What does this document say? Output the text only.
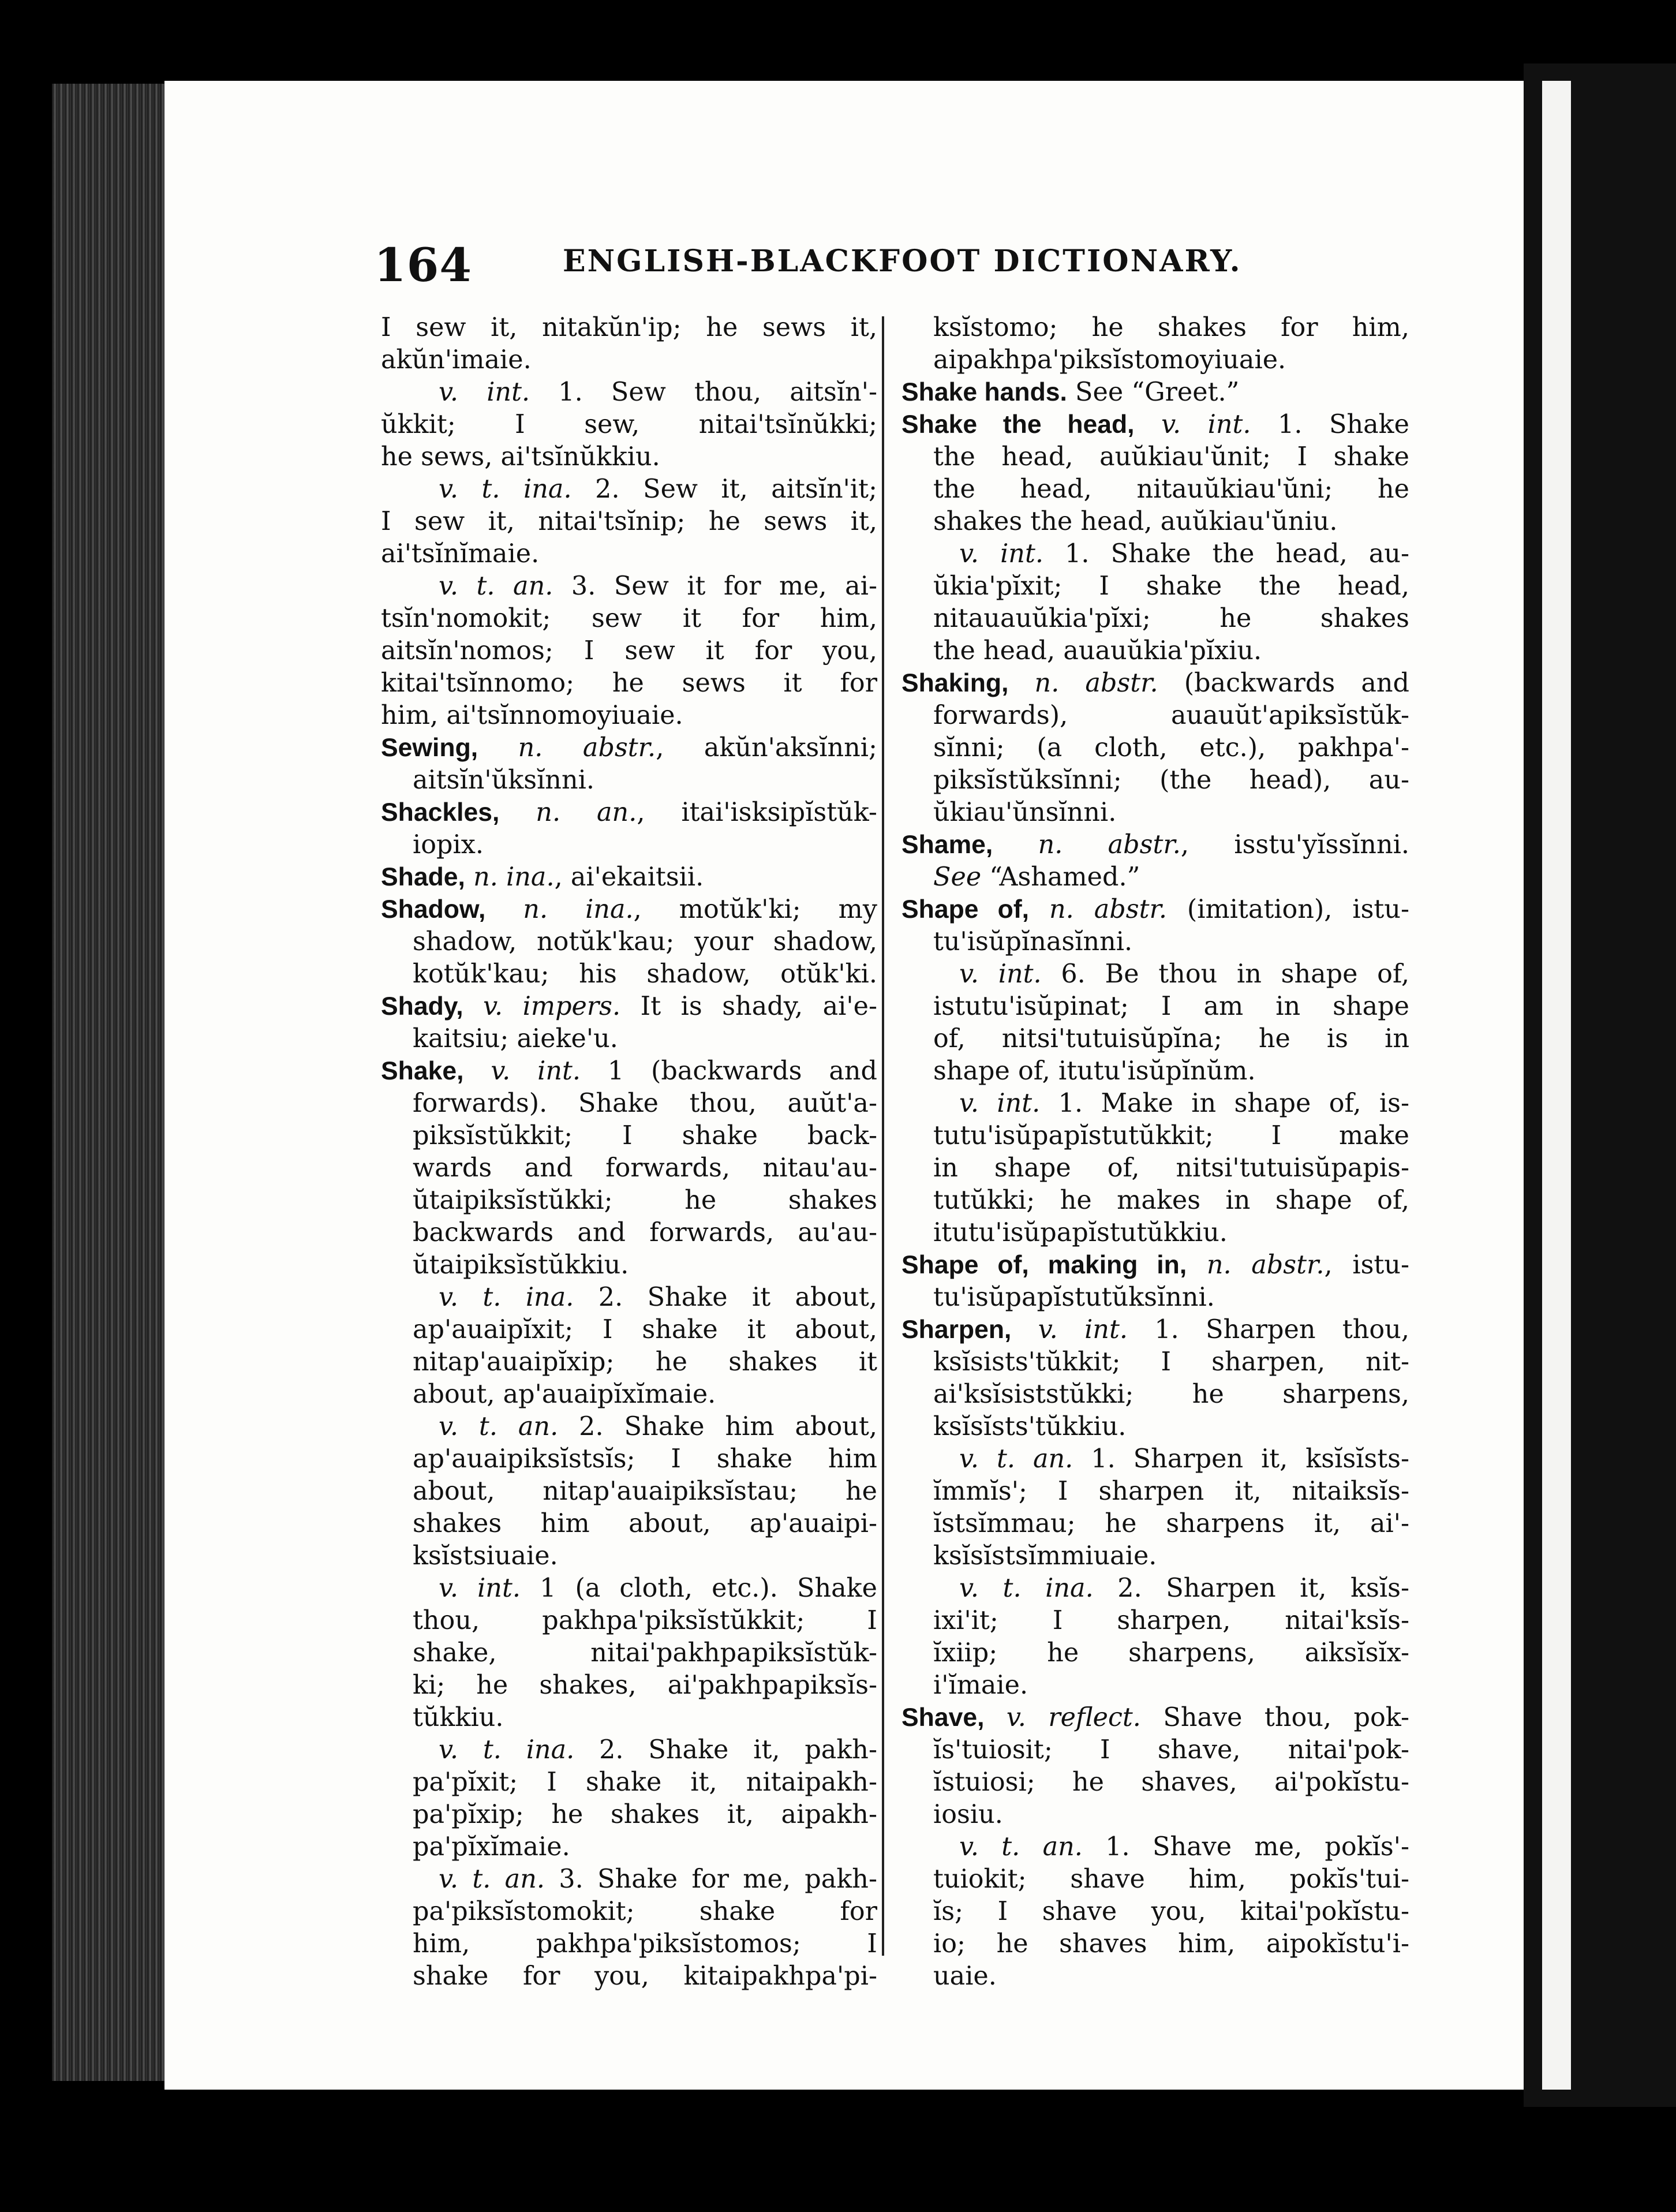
164	ENGLISH-BLACKFOOT DICTIONARY.
I sew it, nitakŭn'ip; he sews it,
akŭn'imaie.
v. int. 1. Sew thou, aitsĭn'-
ŭkkit; I sew, nitai'tsĭnŭkki;
he sews, ai'tsĭnŭkkiu.
v. t. ina. 2. Sew it, aitsĭn'it;
I sew it, nitai'tsĭnip; he sews it,
ai'tsĭnĭmaie.
v. t. an. 3. Sew it for me, ai-
tsĭn'nomokit; sew it for him,
aitsĭn'nomos; I sew it for you,
kitai'tsĭnnomo; he sews it for
him, ai'tsĭnnomoyiuaie.
Sewing, n. abstr., akŭn'aksĭnni;
aitsĭn'ŭksĭnni.
Shackles, n. an., itai'isksipĭstŭk-
iopix.
Shade, n. ina., ai'ekaitsii.
Shadow, n. ina., motŭk'ki; my
shadow, notŭk'kau; your shadow,
kotŭk'kau; his shadow, otŭk'ki.
Shady, v. impers. It is shady, ai'e-
kaitsiu; aieke'u.
Shake, v. int. 1 (backwards and
forwards). Shake thou, auŭt'a-
piksĭstŭkkit; I shake back-
wards and forwards, nitau'au-
ŭtaipiksĭstŭkki; he shakes
backwards and forwards, au'au-
ŭtaipiksĭstŭkkiu.
v. t. ina. 2. Shake it about,
ap'auaipĭxit; I shake it about,
nitap'auaipĭxip; he shakes it
about, ap'auaipĭxĭmaie.
v. t. an. 2. Shake him about,
ap'auaipiksĭstsĭs; I shake him
about, nitap'auaipiksĭstau; he
shakes him about, ap'auaipi-
ksĭstsiuaie.
v. int. 1 (a cloth, etc.). Shake
thou, pakhpa'piksĭstŭkkit; I
shake, nitai'pakhpapiksĭstŭk-
ki; he shakes, ai'pakhpapiksĭs-
tŭkkiu.
v. t. ina. 2. Shake it, pakh-
pa'pĭxit; I shake it, nitaipakh-
pa'pĭxip; he shakes it, aipakh-
pa'pĭxĭmaie.
v. t. an. 3. Shake for me, pakh-
pa'piksĭstomokit; shake for
him, pakhpa'piksĭstomos; I
shake for you, kitaipakhpa'pi-
ksĭstomo; he shakes for him,
aipakhpa'piksĭstomoyiuaie.
Shake hands. See “Greet.”
Shake the head, v. int. 1. Shake
the head, auŭkiau'ŭnit; I shake
the head, nitauŭkiau'ŭni; he
shakes the head, auŭkiau'ŭniu.
v. int. 1. Shake the head, au-
ŭkia'pĭxit; I shake the head,
nitauauŭkia'pĭxi; he shakes
the head, auauŭkia'pĭxiu.
Shaking, n. abstr. (backwards and
forwards), auauŭt'apiksĭstŭk-
sĭnni; (a cloth, etc.), pakhpa'-
piksĭstŭksĭnni; (the head), au-
ŭkiau'ŭnsĭnni.
Shame, n. abstr., isstu'yĭssĭnni.
See “Ashamed.”
Shape of, n. abstr. (imitation), istu-
tu'isŭpĭnasĭnni.
v. int. 6. Be thou in shape of,
istutu'isŭpinat; I am in shape
of, nitsi'tutuisŭpĭna; he is in
shape of, itutu'isŭpĭnŭm.
v. int. 1. Make in shape of, is-
tutu'isŭpapĭstutŭkkit; I make
in shape of, nitsi'tutuisŭpapis-
tutŭkki; he makes in shape of,
itutu'isŭpapĭstutŭkkiu.
Shape of, making in, n. abstr., istu-
tu'isŭpapĭstutŭksĭnni.
Sharpen, v. int. 1. Sharpen thou,
ksĭsists'tŭkkit; I sharpen, nit-
ai'ksĭsiststŭkki; he sharpens,
ksĭsĭsts'tŭkkiu.
v. t. an. 1. Sharpen it, ksĭsĭsts-
ĭmmĭs'; I sharpen it, nitaiksĭs-
ĭstsĭmmau; he sharpens it, ai'-
ksĭsĭstsĭmmiuaie.
v. t. ina. 2. Sharpen it, ksĭs-
ixi'it; I sharpen, nitai'ksĭs-
ĭxiip; he sharpens, aiksĭsĭx-
i'ĭmaie.
Shave, v. reflect. Shave thou, pok-
ĭs'tuiosit; I shave, nitai'pok-
ĭstuiosi; he shaves, ai'pokĭstu-
iosiu.
v. t. an. 1. Shave me, pokĭs'-
tuiokit; shave him, pokĭs'tui-
ĭs; I shave you, kitai'pokĭstu-
io; he shaves him, aipokĭstu'i-
uaie.
